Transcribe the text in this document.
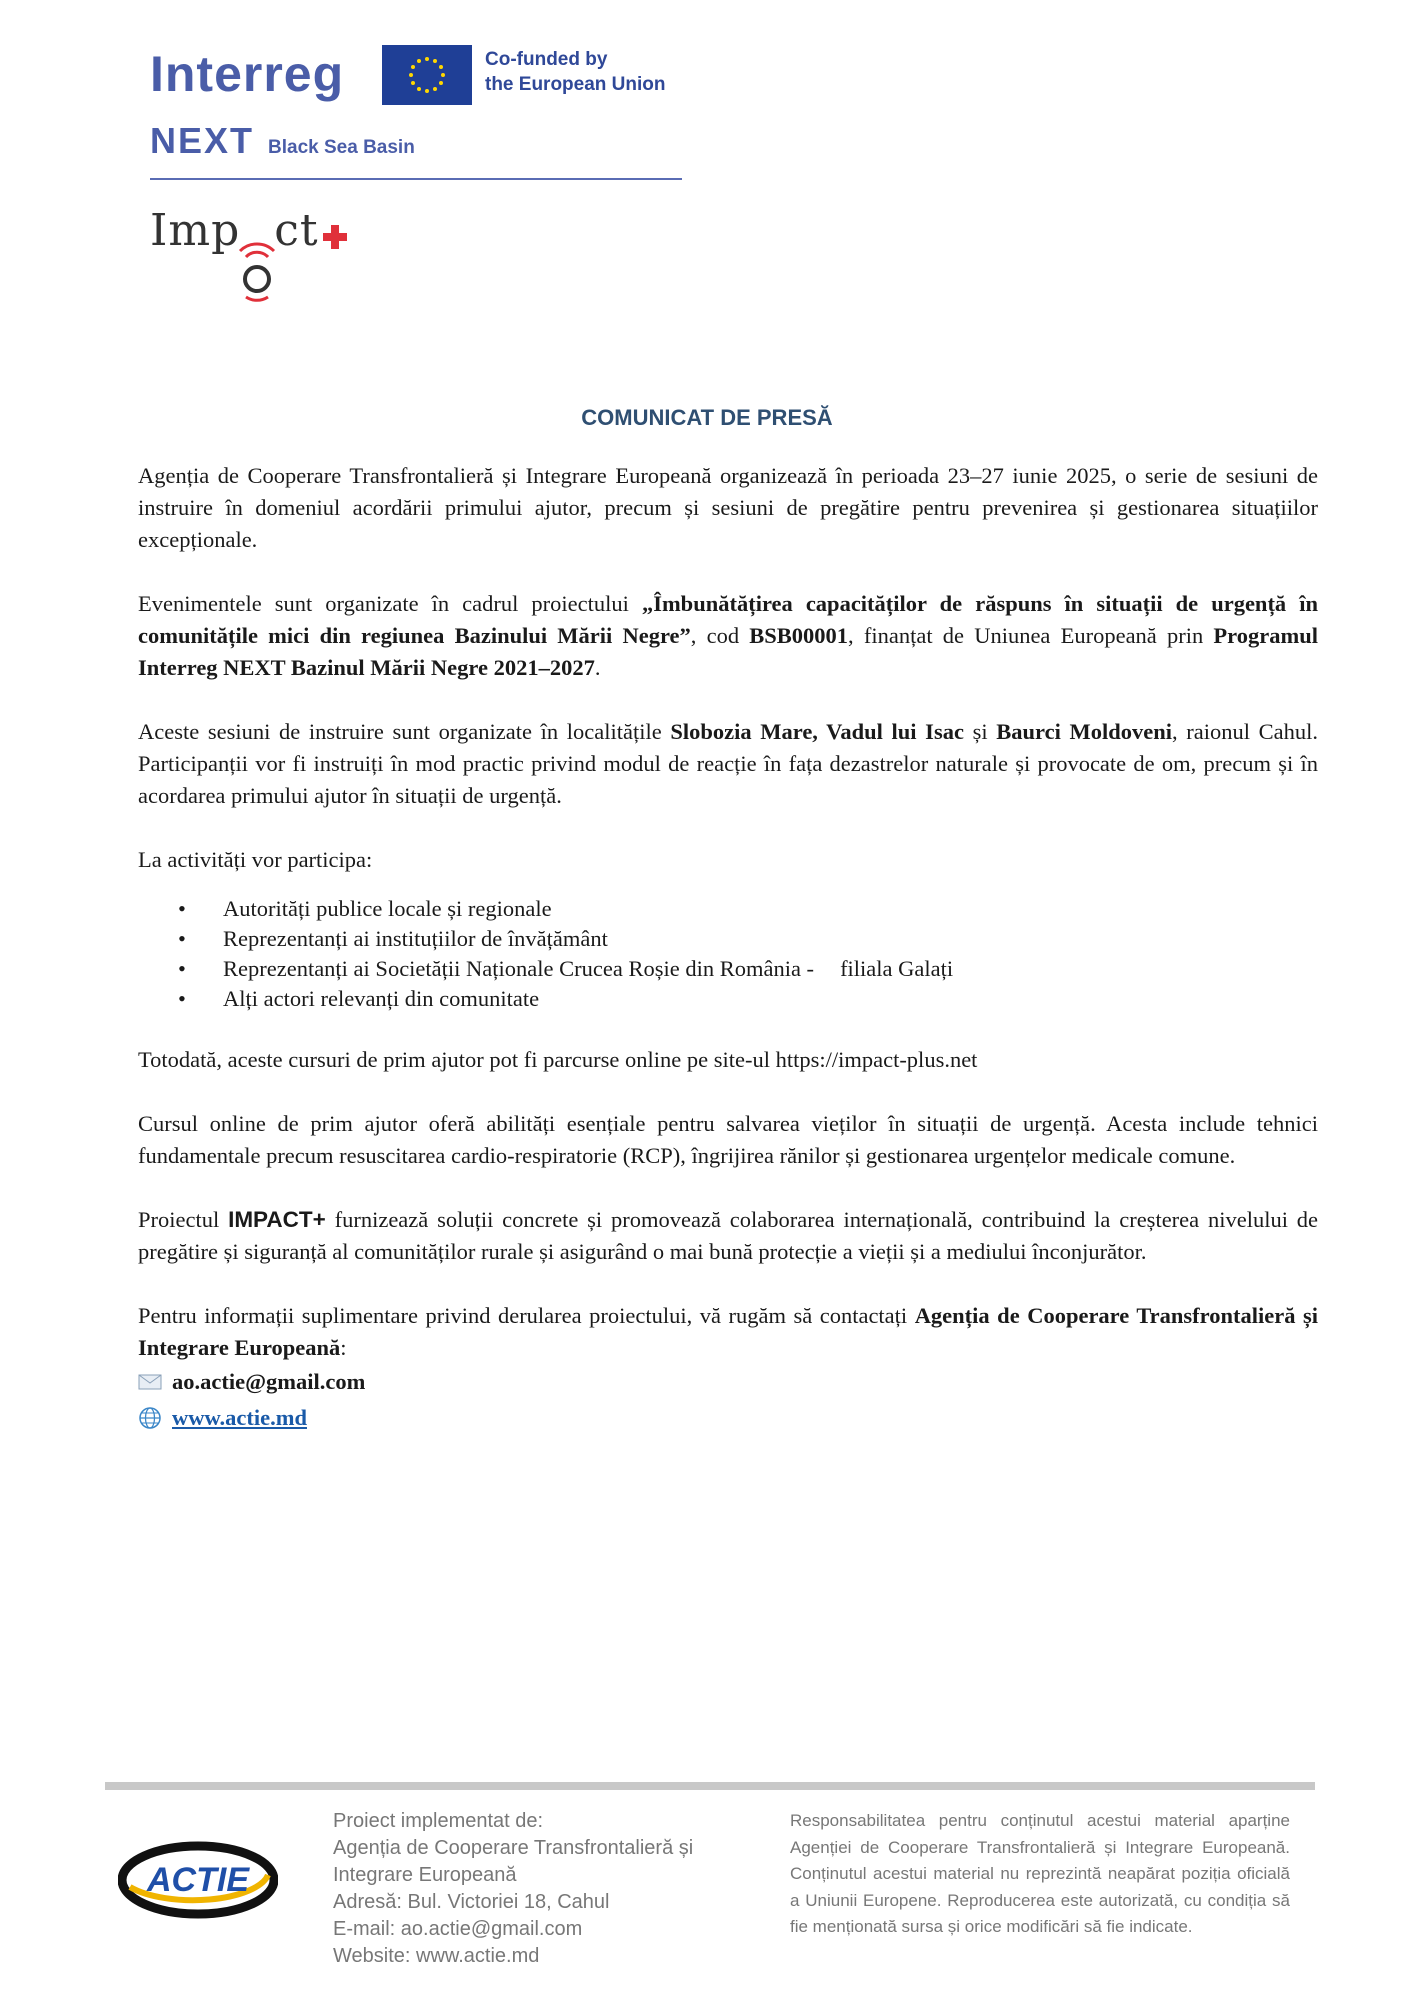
Interreg	Co-funded by
the European Union
NEXT Black Sea Basin
Imp ct
COMUNICAT DE PRESĂ

Agenția de Cooperare Transfrontalieră și Integrare Europeană organizează în perioada 23–27 iunie 2025, o serie de sesiuni de instruire în domeniul acordării primului ajutor, precum și sesiuni de pregătire pentru prevenirea și gestionarea situațiilor excepționale.

Evenimentele sunt organizate în cadrul proiectului „Îmbunătățirea capacităților de răspuns în situații de urgență în comunitățile mici din regiunea Bazinului Mării Negre”, cod BSB00001, finanțat de Uniunea Europeană prin Programul Interreg NEXT Bazinul Mării Negre 2021–2027.

Aceste sesiuni de instruire sunt organizate în localitățile Slobozia Mare, Vadul lui Isac și Baurci Moldoveni, raionul Cahul. Participanții vor fi instruiți în mod practic privind modul de reacție în fața dezastrelor naturale și provocate de om, precum și în acordarea primului ajutor în situații de urgență.

La activități vor participa:

• Autorități publice locale și regionale
• Reprezentanți ai instituțiilor de învățământ
• Reprezentanți ai Societății Naționale Crucea Roșie din România - filiala Galați
• Alți actori relevanți din comunitate

Totodată, aceste cursuri de prim ajutor pot fi parcurse online pe site-ul https://impact-plus.net

Cursul online de prim ajutor oferă abilități esențiale pentru salvarea vieților în situații de urgență. Acesta include tehnici fundamentale precum resuscitarea cardio-respiratorie (RCP), îngrijirea rănilor și gestionarea urgențelor medicale comune.

Proiectul IMPACT+ furnizează soluții concrete și promovează colaborarea internațională, contribuind la creșterea nivelului de pregătire și siguranță al comunităților rurale și asigurând o mai bună protecție a vieții și a mediului înconjurător.

Pentru informații suplimentare privind derularea proiectului, vă rugăm să contactați Agenția de Cooperare Transfrontalieră și Integrare Europeană:

ao.actie@gmail.com
www.actie.md
ACTIE
Proiect implementat de:
Agenția de Cooperare Transfrontalieră și
Integrare Europeană
Adresă: Bul. Victoriei 18, Cahul
E-mail: ao.actie@gmail.com
Website: www.actie.md
Responsabilitatea pentru conținutul acestui material aparține Agenției de Cooperare Transfrontalieră și Integrare Europeană. Conținutul acestui material nu reprezintă neapărat poziția oficială a Uniunii Europene. Reproducerea este autorizată, cu condiția să fie menționată sursa și orice modificări să fie indicate.
